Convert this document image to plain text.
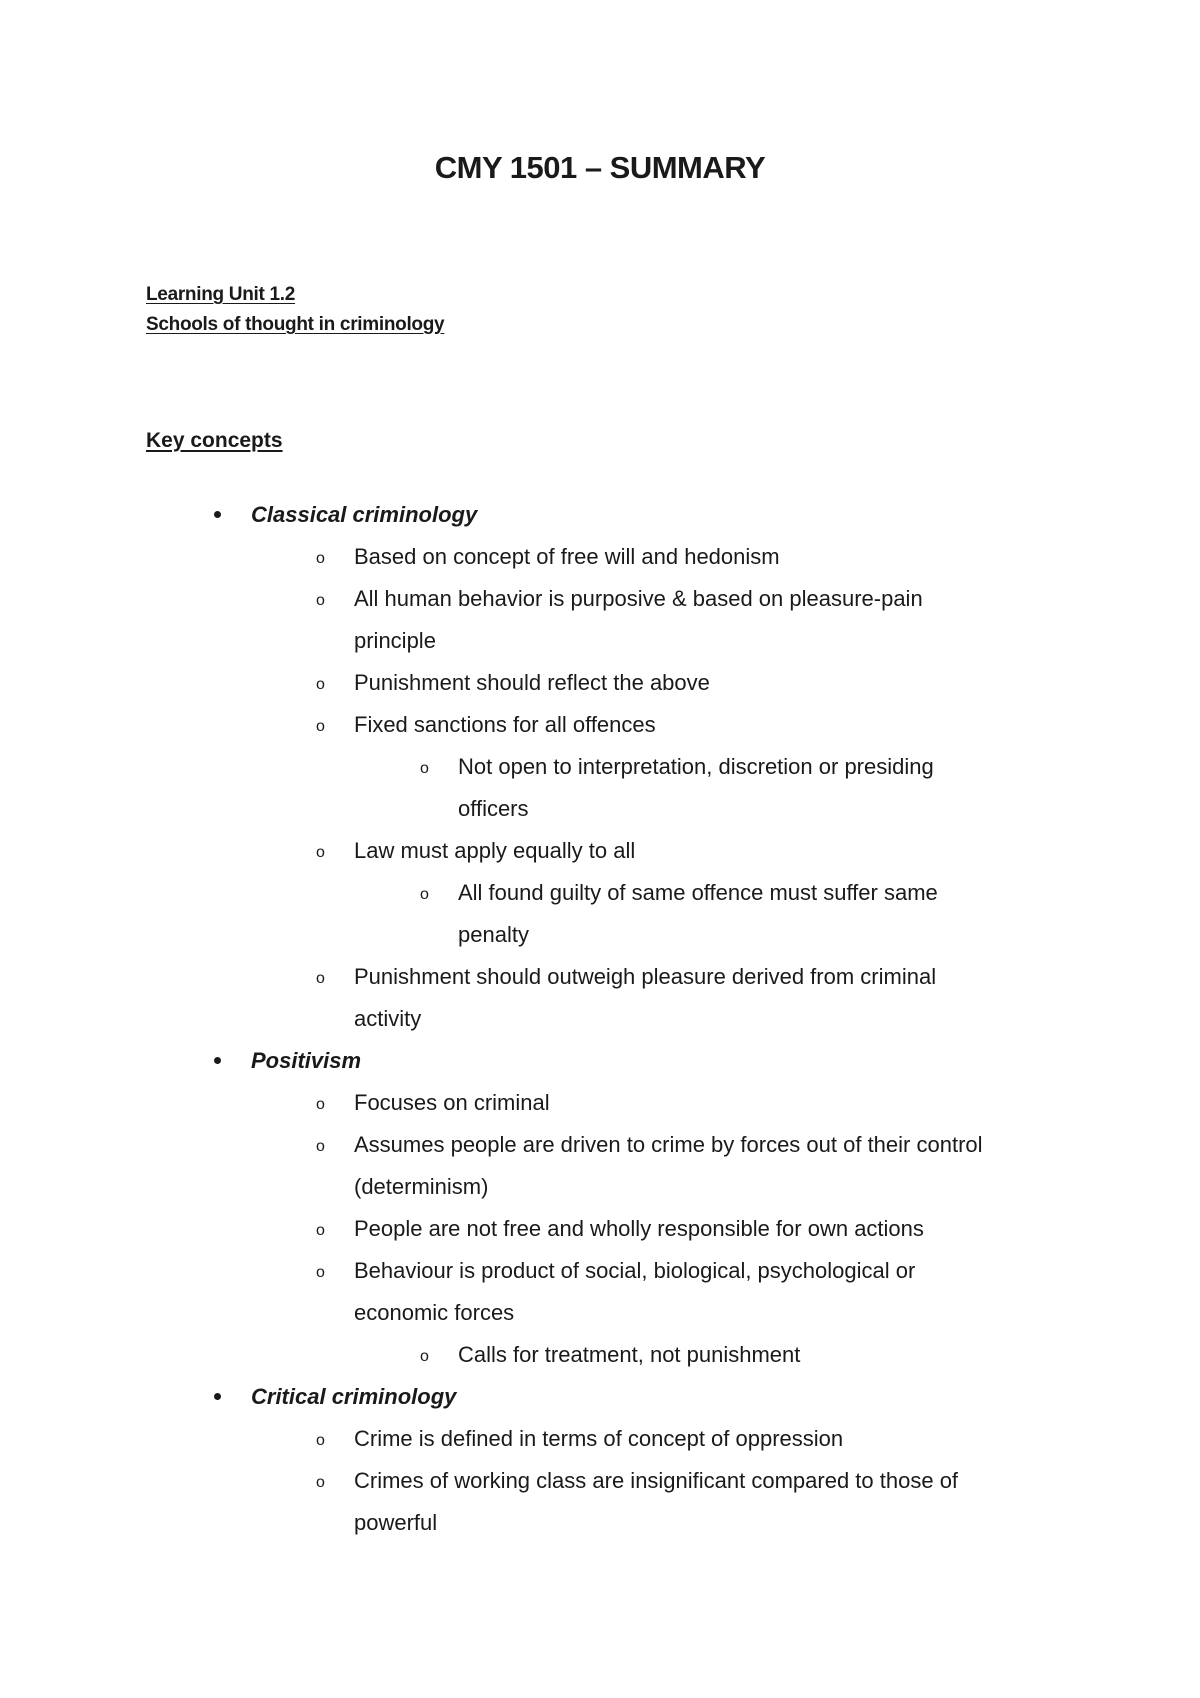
CMY 1501 – SUMMARY
Learning Unit 1.2
Schools of thought in criminology
Key concepts
Classical criminology
o Based on concept of free will and hedonism
o All human behavior is purposive & based on pleasure-pain
principle
o Punishment should reflect the above
o Fixed sanctions for all offences
o Not open to interpretation, discretion or presiding
officers
o Law must apply equally to all
o All found guilty of same offence must suffer same
penalty
o Punishment should outweigh pleasure derived from criminal
activity
Positivism
o Focuses on criminal
o Assumes people are driven to crime by forces out of their control
(determinism)
o People are not free and wholly responsible for own actions
o Behaviour is product of social, biological, psychological or
economic forces
o Calls for treatment, not punishment
Critical criminology
o Crime is defined in terms of concept of oppression
o Crimes of working class are insignificant compared to those of
powerful
